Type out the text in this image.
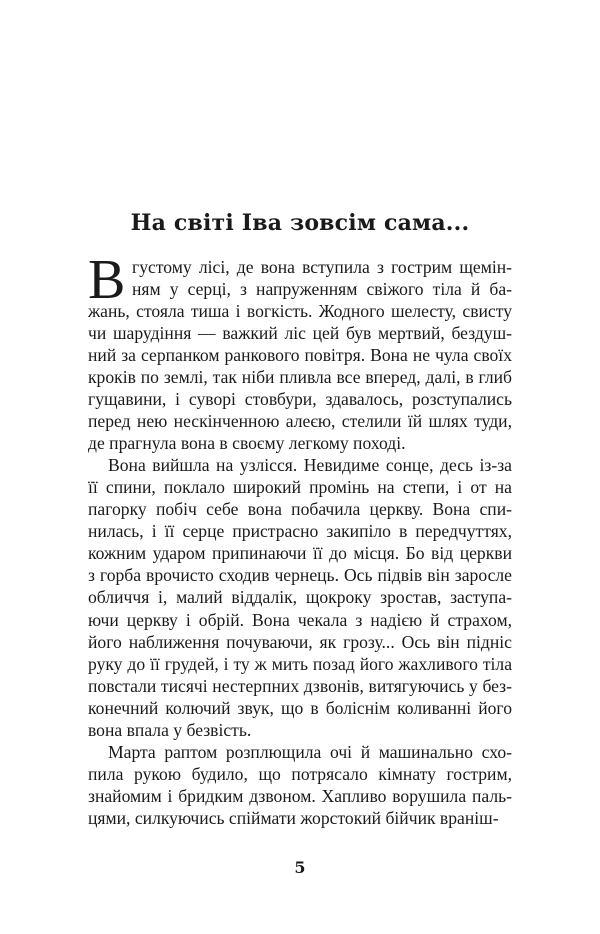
На світі Іва зовсім сама...
В густому лісі, де вона вступила з гострим щемін-
ням у серці, з напруженням свіжого тіла й ба-
жань, стояла тиша і вогкість. Жодного шелесту, свисту
чи шарудіння — важкий ліс цей був мертвий, бездуш-
ний за серпанком ранкового повітря. Вона не чула своїх
кроків по землі, так ніби пливла все вперед, далі, в глиб
гущавини, і суворі стовбури, здавалось, розступались
перед нею нескінченною алеєю, стелили їй шлях туди,
де прагнула вона в своєму легкому поході.
Вона вийшла на узлісся. Невидиме сонце, десь із-за
її спини, поклало широкий промінь на степи, і от на
пагорку побіч себе вона побачила церкву. Вона спи-
нилась, і її серце пристрасно закипіло в передчуттях,
кожним ударом припинаючи її до місця. Бо від церкви
з горба врочисто сходив чернець. Ось підвів він заросле
обличчя і, малий віддалік, щокроку зростав, заступа-
ючи церкву і обрій. Вона чекала з надією й страхом,
його наближення почуваючи, як грозу... Ось він підніс
руку до її грудей, і ту ж мить позад його жахливого тіла
повстали тисячі нестерпних дзвонів, витягуючись у без-
конечний колючий звук, що в боліснім коливанні його
вона впала у безвість.
Марта раптом розплющила очі й машинально схо-
пила рукою будило, що потрясало кімнату гострим,
знайомим і бридким дзвоном. Хапливо ворушила паль-
цями, силкуючись спіймати жорстокий бійчик враніш-
5
